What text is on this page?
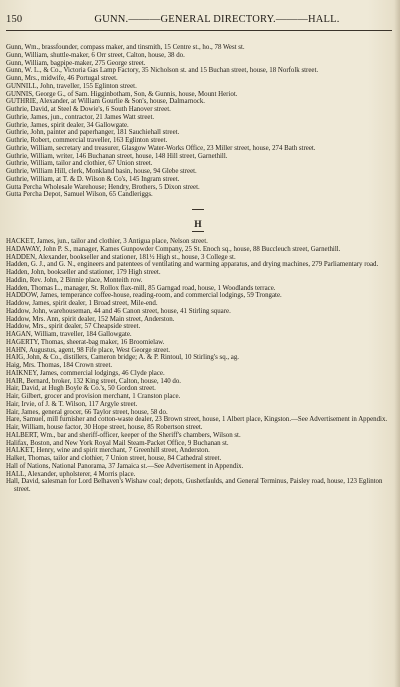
150	GUNN.———GENERAL DIRECTORY.———HALL.

Gunn, Wm., brassfounder, compass maker, and tinsmith, 15 Centre st., ho., 78 West st.

Gunn, William, shuttle-maker, 6 Orr street, Calton, house, 38 do.

Gunn, William, bagpipe-maker, 275 George street.

Gunn, W. L., & Co., Victoria Gas Lamp Factory, 35 Nicholson st. and 15 Buchan street, house, 18 Norfolk street.

Gunn, Mrs., midwife, 46 Portugal street.

GUNNILL, John, traveller, 155 Eglinton street.

GUNNIS, George G., of Sam. Higginbotham, Son, & Gunnis, house, Mount Heriot.

GUTHRIE, Alexander, at William Gourlie & Son's, house, Dalmarnock.

Guthrie, David, at Steel & Dowie's, 6 South Hanover street.

Guthrie, James, jun., contractor, 21 James Watt street.

Guthrie, James, spirit dealer, 34 Gallowgate.

Guthrie, John, painter and paperhanger, 181 Sauchiehall street.

Guthrie, Robert, commercial traveller, 163 Eglinton street.

Guthrie, William, secretary and treasurer, Glasgow Water-Works Office, 23 Miller street, house, 274 Bath street.

Guthrie, William, writer, 146 Buchanan street, house, 148 Hill street, Garnethill.

Guthrie, William, tailor and clothier, 67 Union street.

Guthrie, William Hill, clerk, Monkland basin, house, 94 Glebe street.

Guthrie, William, at T. & D. Wilson & Co's, 145 Ingram street.

Gutta Percha Wholesale Warehouse; Hendry, Brothers, 5 Dixon street.

Gutta Percha Depot, Samuel Wilson, 65 Candleriggs.

H

HACKET, James, jun., tailor and clothier, 3 Antigua place, Nelson street.

HADAWAY, John P. S., manager, Kames Gunpowder Company, 25 St. Enoch sq., house, 88 Buccleuch street, Garnethill.

HADDEN, Alexander, bookseller and stationer, 181½ High st., house, 3 College st.

Hadden, G. J., and G. N., engineers and patentees of ventilating and warming apparatus, and drying machines, 279 Parliamentary road.

Hadden, John, bookseller and stationer, 179 High street.

Haddin, Rev. John, 2 Binnie place, Monteith row.

Hadden, Thomas L., manager, St. Rollox flax-mill, 85 Garngad road, house, 1 Woodlands terrace.

HADDOW, James, temperance coffee-house, reading-room, and commercial lodgings, 59 Trongate.

Haddow, James, spirit dealer, 1 Broad street, Mile-end.

Haddow, John, warehouseman, 44 and 46 Canon street, house, 41 Stirling square.

Haddow, Mrs. Ann, spirit dealer, 152 Main street, Anderston.

Haddow, Mrs., spirit dealer, 57 Cheapside street.

HAGAN, William, traveller, 184 Gallowgate.

HAGERTY, Thomas, sheerat-bag maker, 16 Broomielaw.

HAHN, Augustus, agent, 98 Fife place, West George street.

HAIG, John, & Co., distillers, Cameron bridge; A. & P. Rintoul, 10 Stirling's sq., ag.

Haig, Mrs. Thomas, 184 Crown street.

HAIKNEY, James, commercial lodgings, 46 Clyde place.

HAIR, Bernard, broker, 132 King street, Calton, house, 140 do.

Hair, David, at Hugh Boyle & Co.'s, 50 Gordon street.

Hair, Gilbert, grocer and provision merchant, 1 Cranston place.

Hair, Irvie, of J. & T. Wilson, 117 Argyle street.

Hair, James, general grocer, 66 Taylor street, house, 58 do.

Hare, Samuel, mill furnisher and cotton-waste dealer, 23 Brown street, house, 1 Albert place, Kingston.—See Advertisement in Appendix.

Hair, William, house factor, 30 Hope street, house, 85 Robertson street.

HALBERT, Wm., bar and sheriff-officer, keeper of the Sheriff's chambers, Wilson st.

Halifax, Boston, and New York Royal Mail Steam-Packet Office, 9 Buchanan st.

HALKET, Henry, wine and spirit merchant, 7 Greenhill street, Anderston.

Halket, Thomas, tailor and clothier, 7 Union street, house, 84 Cathedral street.

Hall of Nations, National Panorama, 37 Jamaica st.—See Advertisement in Appendix.

HALL, Alexander, upholsterer, 4 Morris place.

Hall, David, salesman for Lord Belhaven's Wishaw coal; depots, Gushetfaulds, and General Terminus, Paisley road, house, 123 Eglinton street.
